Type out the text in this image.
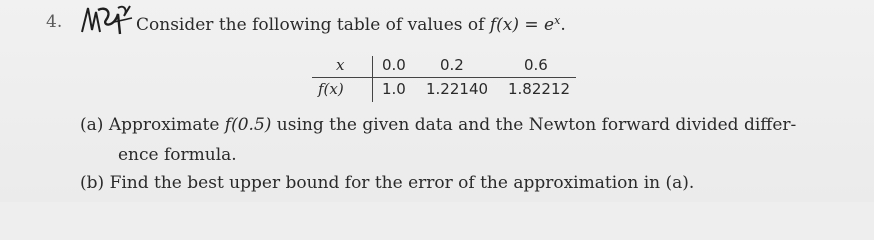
4.	Consider the following table of values of $f(x) = e^x$.
x
f(x)
0.0 0.2	0.6
1.0 1.22140 1.82212
(a) Approximate f(0.5) using the given data and the Newton forward divided differ-
ence formula.
(b) Find the best upper bound for the error of the approximation in (a).
